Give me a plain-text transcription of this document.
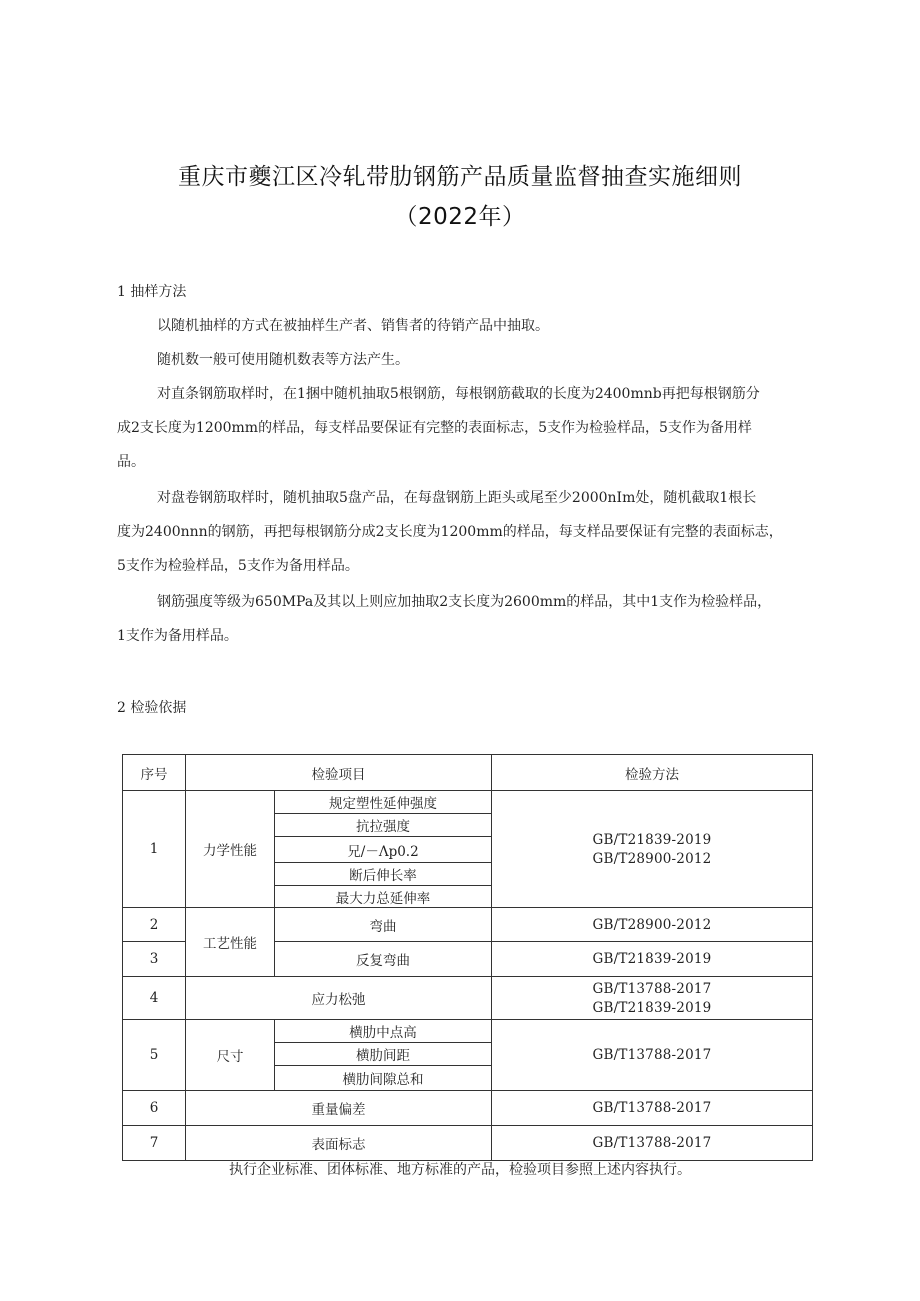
重庆市夔江区冷轧带肋钢筋产品质量监督抽查实施细则
（2022年）
1 抽样方法
以随机抽样的方式在被抽样生产者、销售者的待销产品中抽取。
随机数一般可使用随机数表等方法产生。
对直条钢筋取样时，在1捆中随机抽取5根钢筋，每根钢筋截取的长度为2400mnb再把每根钢筋分
成2支长度为1200mm的样品，每支样品要保证有完整的表面标志，5支作为检验样品，5支作为备用样
品。
对盘卷钢筋取样时，随机抽取5盘产品，在每盘钢筋上距头或尾至少2000nIm处，随机截取1根长
度为2400nnn的钢筋，再把每根钢筋分成2支长度为1200mm的样品，每支样品要保证有完整的表面标志，
5支作为检验样品，5支作为备用样品。
钢筋强度等级为650MPa及其以上则应加抽取2支长度为2600mm的样品，其中1支作为检验样品，
1支作为备用样品。
2 检验依据
序号	检验项目		检验方法
1	力学性能	规定塑性延伸强度	GB/T21839-2019
GB/T28900-2012

		抗拉强度	
		兄/－Λp0.2	
		断后伸长率	
		最大力总延伸率	
2	工艺性能	弯曲	GB/T28900-2012
3		反复弯曲	GB/T21839-2019
4	应力松弛		GB/T13788-2017
GB/T21839-2019

5	尺寸	横肋中点高	GB/T13788-2017
		横肋间距	
		横肋间隙总和	
6	重量偏差		GB/T13788-2017
7	表面标志		GB/T13788-2017
执行企业标准、团体标准、地方标准的产品，检验项目参照上述内容执行。
